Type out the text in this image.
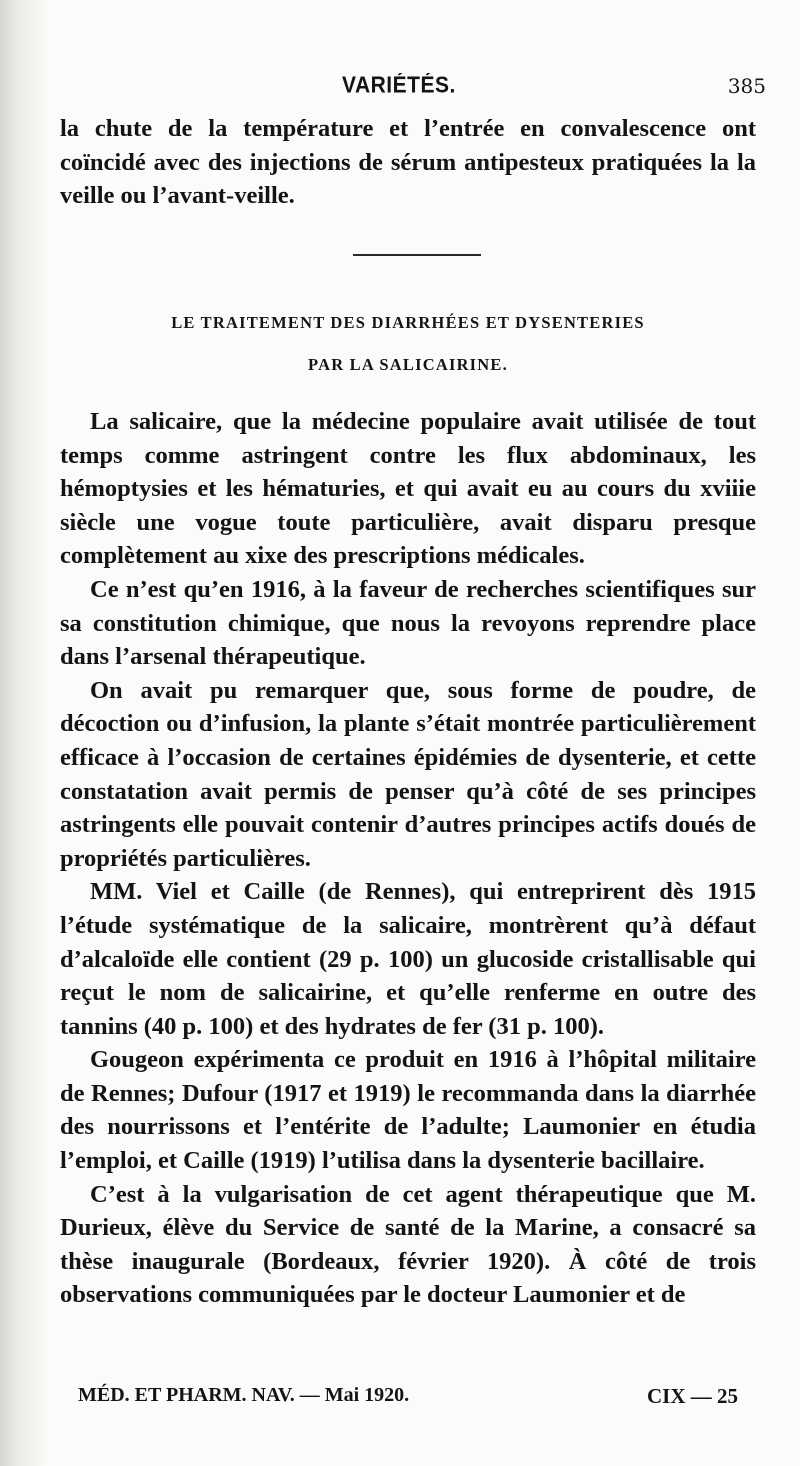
VARIÉTÉS.	385

la chute de la température et l’entrée en convalescence ont coïncidé avec des injections de sérum antipesteux pratiquées la la veille ou l’avant-veille.

LE TRAITEMENT DES DIARRHÉES ET DYSENTERIES
PAR LA SALICAIRINE.

La salicaire, que la médecine populaire avait utilisée de tout temps comme astringent contre les flux abdominaux, les hémoptysies et les hématuries, et qui avait eu au cours du xviiie siècle une vogue toute particulière, avait disparu presque complètement au xixe des prescriptions médicales.

Ce n’est qu’en 1916, à la faveur de recherches scientifiques sur sa constitution chimique, que nous la revoyons reprendre place dans l’arsenal thérapeutique.

On avait pu remarquer que, sous forme de poudre, de décoction ou d’infusion, la plante s’était montrée particulièrement efficace à l’occasion de certaines épidémies de dysenterie, et cette constatation avait permis de penser qu’à côté de ses principes astringents elle pouvait contenir d’autres principes actifs doués de propriétés particulières.

MM. Viel et Caille (de Rennes), qui entreprirent dès 1915 l’étude systématique de la salicaire, montrèrent qu’à défaut d’alcaloïde elle contient (29 p. 100) un glucoside cristallisable qui reçut le nom de salicairine, et qu’elle renferme en outre des tannins (40 p. 100) et des hydrates de fer (31 p. 100).

Gougeon expérimenta ce produit en 1916 à l’hôpital militaire de Rennes; Dufour (1917 et 1919) le recommanda dans la diarrhée des nourrissons et l’entérite de l’adulte; Laumonier en étudia l’emploi, et Caille (1919) l’utilisa dans la dysenterie bacillaire.

C’est à la vulgarisation de cet agent thérapeutique que M. Durieux, élève du Service de santé de la Marine, a consacré sa thèse inaugurale (Bordeaux, février 1920). À côté de trois observations communiquées par le docteur Laumonier et de

MÉD. ET PHARM. NAV. — Mai 1920.	CIX — 25
